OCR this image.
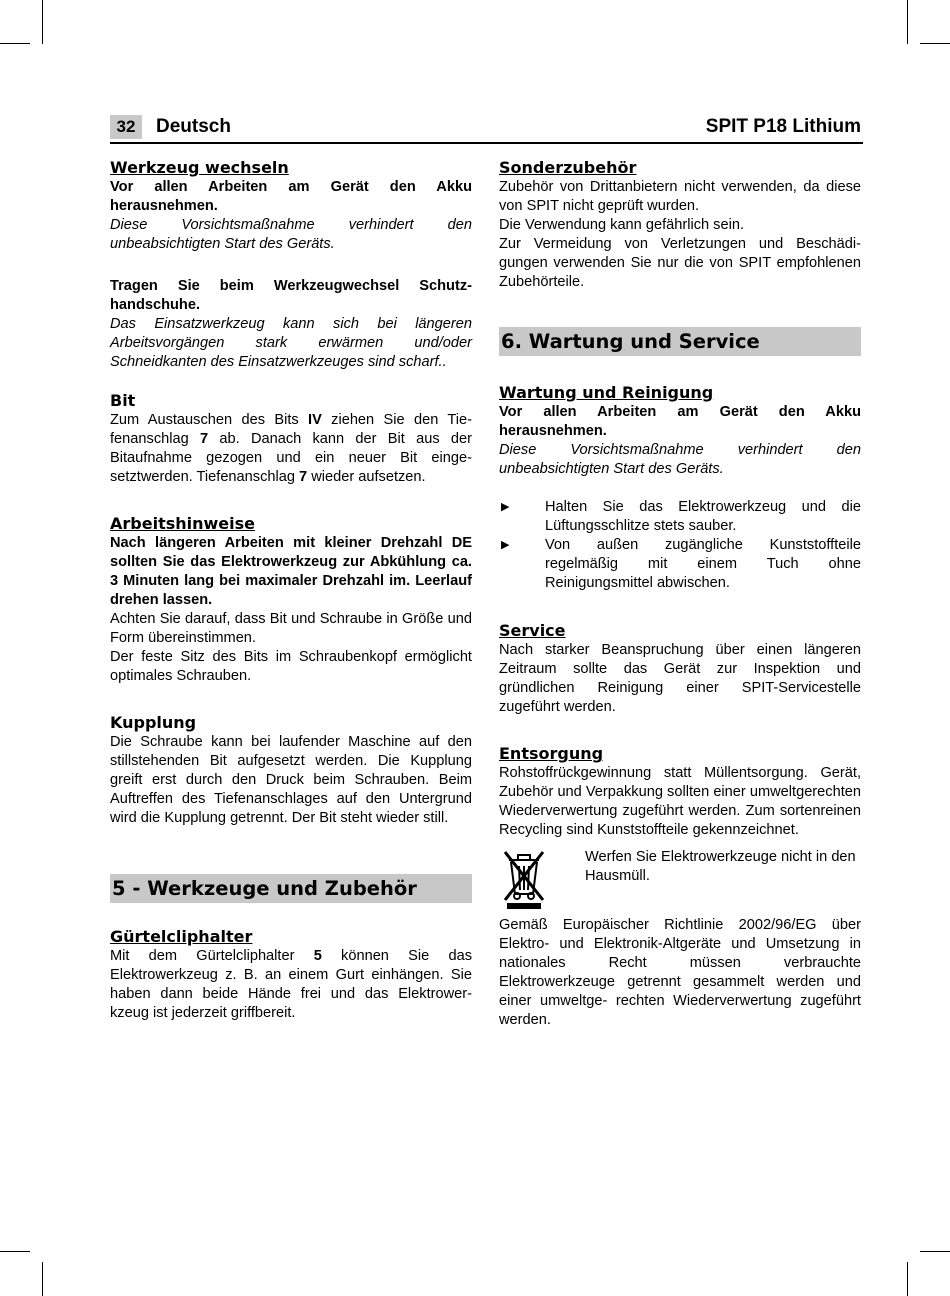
32	Deutsch	SPIT P18 Lithium
Werkzeug wechseln

Vor allen Arbeiten am Gerät den Akku herausnehmen.

Diese Vorsichtsmaßnahme verhindert den unbeabsichtigten Start des Geräts.

Tragen Sie beim Werkzeugwechsel Schutz-handschuhe.

Das Einsatzwerkzeug kann sich bei längeren Arbeitsvorgängen stark erwärmen und/oder Schneidkanten des Einsatzwerkzeuges sind scharf..

Bit

Zum Austauschen des Bits IV ziehen Sie den Tie-fenanschlag 7 ab. Danach kann der Bit aus der Bitaufnahme gezogen und ein neuer Bit einge-setztwerden. Tiefenanschlag 7 wieder aufsetzen.

Arbeitshinweise

Nach längeren Arbeiten mit kleiner Drehzahl DE sollten Sie das Elektrowerkzeug zur Abkühlung ca. 3 Minuten lang bei maximaler Drehzahl im. Leerlauf drehen lassen.

Achten Sie darauf, dass Bit und Schraube in Größe und Form übereinstimmen.

Der feste Sitz des Bits im Schraubenkopf ermöglicht optimales Schrauben.

Kupplung

Die Schraube kann bei laufender Maschine auf den stillstehenden Bit aufgesetzt werden. Die Kupplung greift erst durch den Druck beim Schrauben. Beim Auftreffen des Tiefenanschlages auf den Untergrund wird die Kupplung getrennt. Der Bit steht wieder still.

5 - Werkzeuge und Zubehör
Gürtelcliphalter

Mit dem Gürtelcliphalter 5 können Sie das Elektrowerkzeug z. B. an einem Gurt einhängen. Sie haben dann beide Hände frei und das Elektrower- kzeug ist jederzeit griffbereit.

Sonderzubehör

Zubehör von Drittanbietern nicht verwenden, da diese von SPIT nicht geprüft wurden.

Die Verwendung kann gefährlich sein.

Zur Vermeidung von Verletzungen und Beschädi-gungen verwenden Sie nur die von SPIT empfohlenen Zubehörteile.

6. Wartung und Service
Wartung und Reinigung

Vor allen Arbeiten am Gerät den Akku herausnehmen.

Diese Vorsichtsmaßnahme verhindert den unbeabsichtigten Start des Geräts.

▶	Halten Sie das Elektrowerkzeug und die Lüftungsschlitze stets sauber.

▶	Von außen zugängliche Kunststoffteile regelmäßig mit einem Tuch ohne Reinigungsmittel abwischen.

Service

Nach starker Beanspruchung über einen längeren Zeitraum sollte das Gerät zur Inspektion und gründlichen Reinigung einer SPIT-Servicestelle zugeführt werden.

Entsorgung

Rohstoffrückgewinnung statt Müllentsorgung. Gerät, Zubehör und Verpakkung sollten einer umweltgerechten Wiederverwertung zugeführt werden. Zum sortenreinen Recycling sind Kunststoffteile gekennzeichnet.

Werfen Sie Elektrowerkzeuge nicht in den Hausmüll.

Gemäß Europäischer Richtlinie 2002/96/EG über Elektro- und Elektronik-Altgeräte und Umsetzung in nationales Recht müssen verbrauchte Elektrowerkzeuge getrennt gesammelt werden und einer umweltge- rechten Wiederverwertung zugeführt werden.
